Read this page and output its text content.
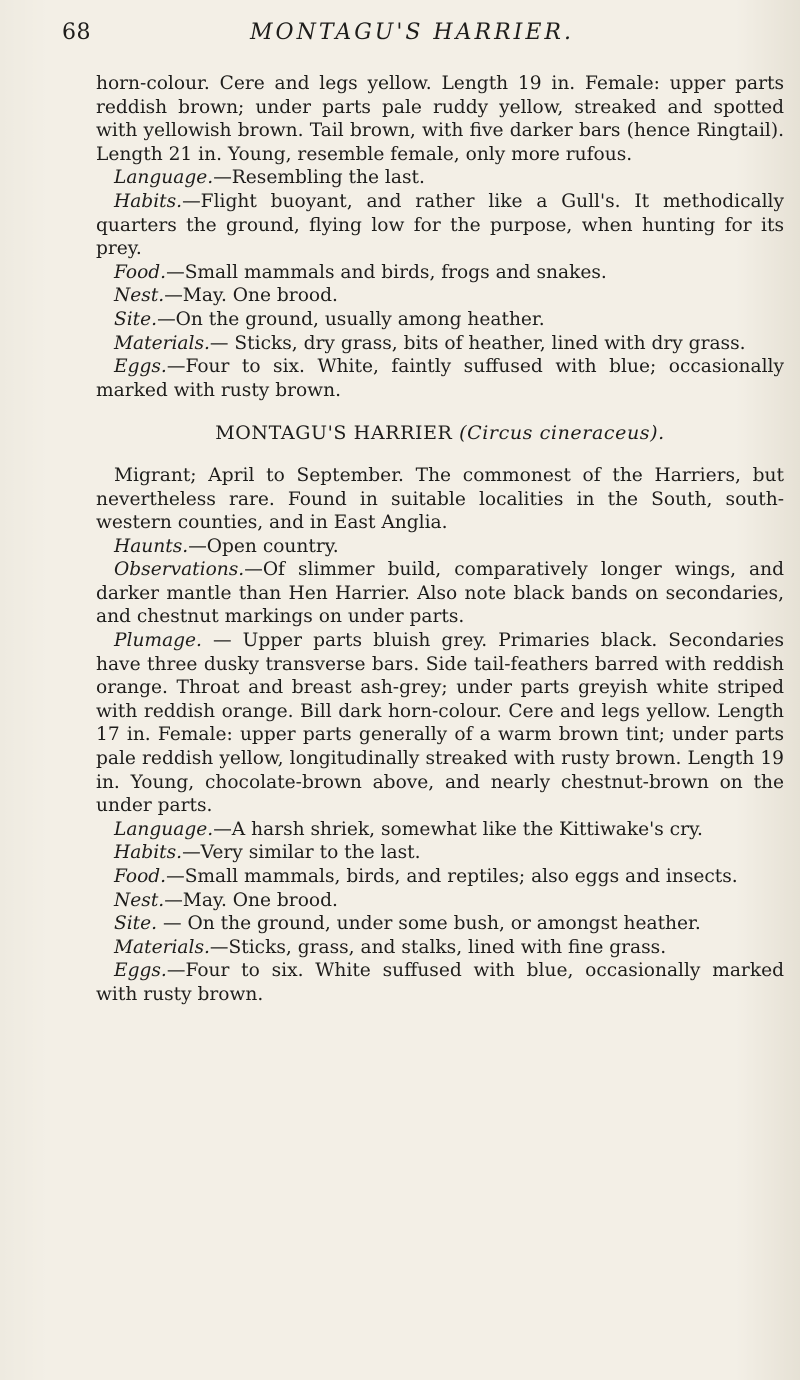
68	MONTAGU'S HARRIER.

horn-colour. Cere and legs yellow. Length 19 in. Female: upper parts reddish brown; under parts pale ruddy yellow, streaked and spotted with yellowish brown. Tail brown, with five darker bars (hence Ringtail). Length 21 in. Young, resemble female, only more rufous.

Language.—Resembling the last.

Habits.—Flight buoyant, and rather like a Gull's. It methodically quarters the ground, flying low for the purpose, when hunting for its prey.

Food.—Small mammals and birds, frogs and snakes.

Nest.—May. One brood.

Site.—On the ground, usually among heather.

Materials.— Sticks, dry grass, bits of heather, lined with dry grass.

Eggs.—Four to six. White, faintly suffused with blue; occasionally marked with rusty brown.

MONTAGU'S HARRIER (Circus cineraceus).

Migrant; April to September. The commonest of the Harriers, but nevertheless rare. Found in suitable localities in the South, south-western counties, and in East Anglia.

Haunts.—Open country.

Observations.—Of slimmer build, comparatively longer wings, and darker mantle than Hen Harrier. Also note black bands on secondaries, and chestnut markings on under parts.

Plumage. — Upper parts bluish grey. Primaries black. Secondaries have three dusky transverse bars. Side tail-feathers barred with reddish orange. Throat and breast ash-grey; under parts greyish white striped with reddish orange. Bill dark horn-colour. Cere and legs yellow. Length 17 in. Female: upper parts generally of a warm brown tint; under parts pale reddish yellow, longitudinally streaked with rusty brown. Length 19 in. Young, chocolate-brown above, and nearly chestnut-brown on the under parts.

Language.—A harsh shriek, somewhat like the Kittiwake's cry.

Habits.—Very similar to the last.

Food.—Small mammals, birds, and reptiles; also eggs and insects.

Nest.—May. One brood.

Site. — On the ground, under some bush, or amongst heather.

Materials.—Sticks, grass, and stalks, lined with fine grass.

Eggs.—Four to six. White suffused with blue, occasionally marked with rusty brown.
